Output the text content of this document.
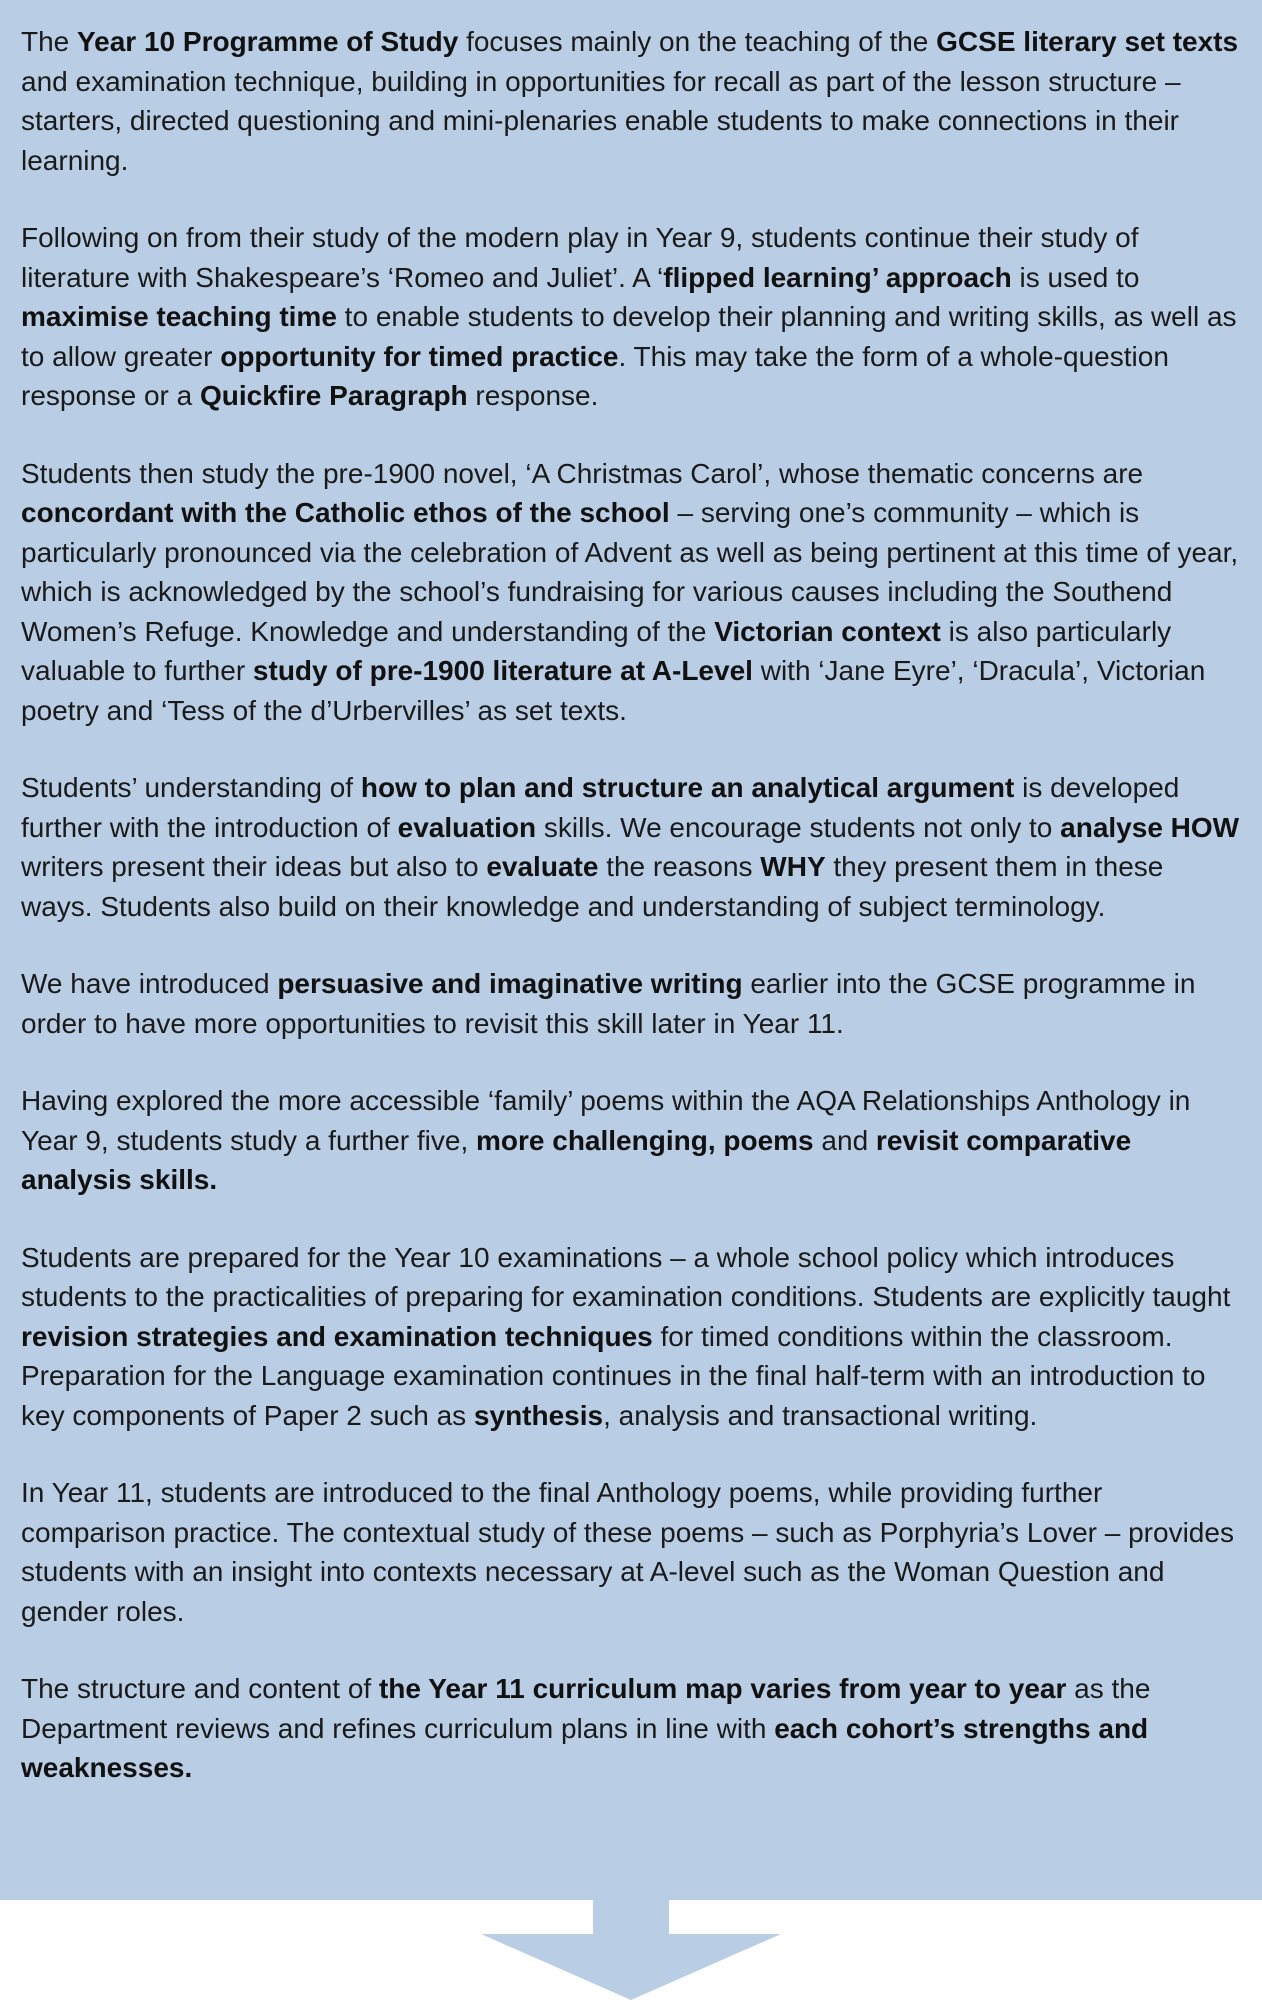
The Year 10 Programme of Study focuses mainly on the teaching of the GCSE literary set texts and examination technique, building in opportunities for recall as part of the lesson structure – starters, directed questioning and mini-plenaries enable students to make connections in their learning.

Following on from their study of the modern play in Year 9, students continue their study of literature with Shakespeare’s ‘Romeo and Juliet’. A ‘flipped learning’ approach is used to maximise teaching time to enable students to develop their planning and writing skills, as well as to allow greater opportunity for timed practice. This may take the form of a whole-question response or a Quickfire Paragraph response.

Students then study the pre-1900 novel, ‘A Christmas Carol’, whose thematic concerns are concordant with the Catholic ethos of the school – serving one’s community – which is particularly pronounced via the celebration of Advent as well as being pertinent at this time of year, which is acknowledged by the school’s fundraising for various causes including the Southend Women’s Refuge. Knowledge and understanding of the Victorian context is also particularly valuable to further study of pre-1900 literature at A-Level with ‘Jane Eyre’, ‘Dracula’, Victorian poetry and ‘Tess of the d’Urbervilles’ as set texts.

Students’ understanding of how to plan and structure an analytical argument is developed further with the introduction of evaluation skills. We encourage students not only to analyse HOW writers present their ideas but also to evaluate the reasons WHY they present them in these ways. Students also build on their knowledge and understanding of subject terminology.

We have introduced persuasive and imaginative writing earlier into the GCSE programme in order to have more opportunities to revisit this skill later in Year 11.

Having explored the more accessible ‘family’ poems within the AQA Relationships Anthology in Year 9, students study a further five, more challenging, poems and revisit comparative analysis skills.

Students are prepared for the Year 10 examinations – a whole school policy which introduces students to the practicalities of preparing for examination conditions. Students are explicitly taught revision strategies and examination techniques for timed conditions within the classroom. Preparation for the Language examination continues in the final half-term with an introduction to key components of Paper 2 such as synthesis, analysis and transactional writing.

In Year 11, students are introduced to the final Anthology poems, while providing further comparison practice. The contextual study of these poems – such as Porphyria’s Lover – provides students with an insight into contexts necessary at A-level such as the Woman Question and gender roles.

The structure and content of the Year 11 curriculum map varies from year to year as the Department reviews and refines curriculum plans in line with each cohort’s strengths and weaknesses.
